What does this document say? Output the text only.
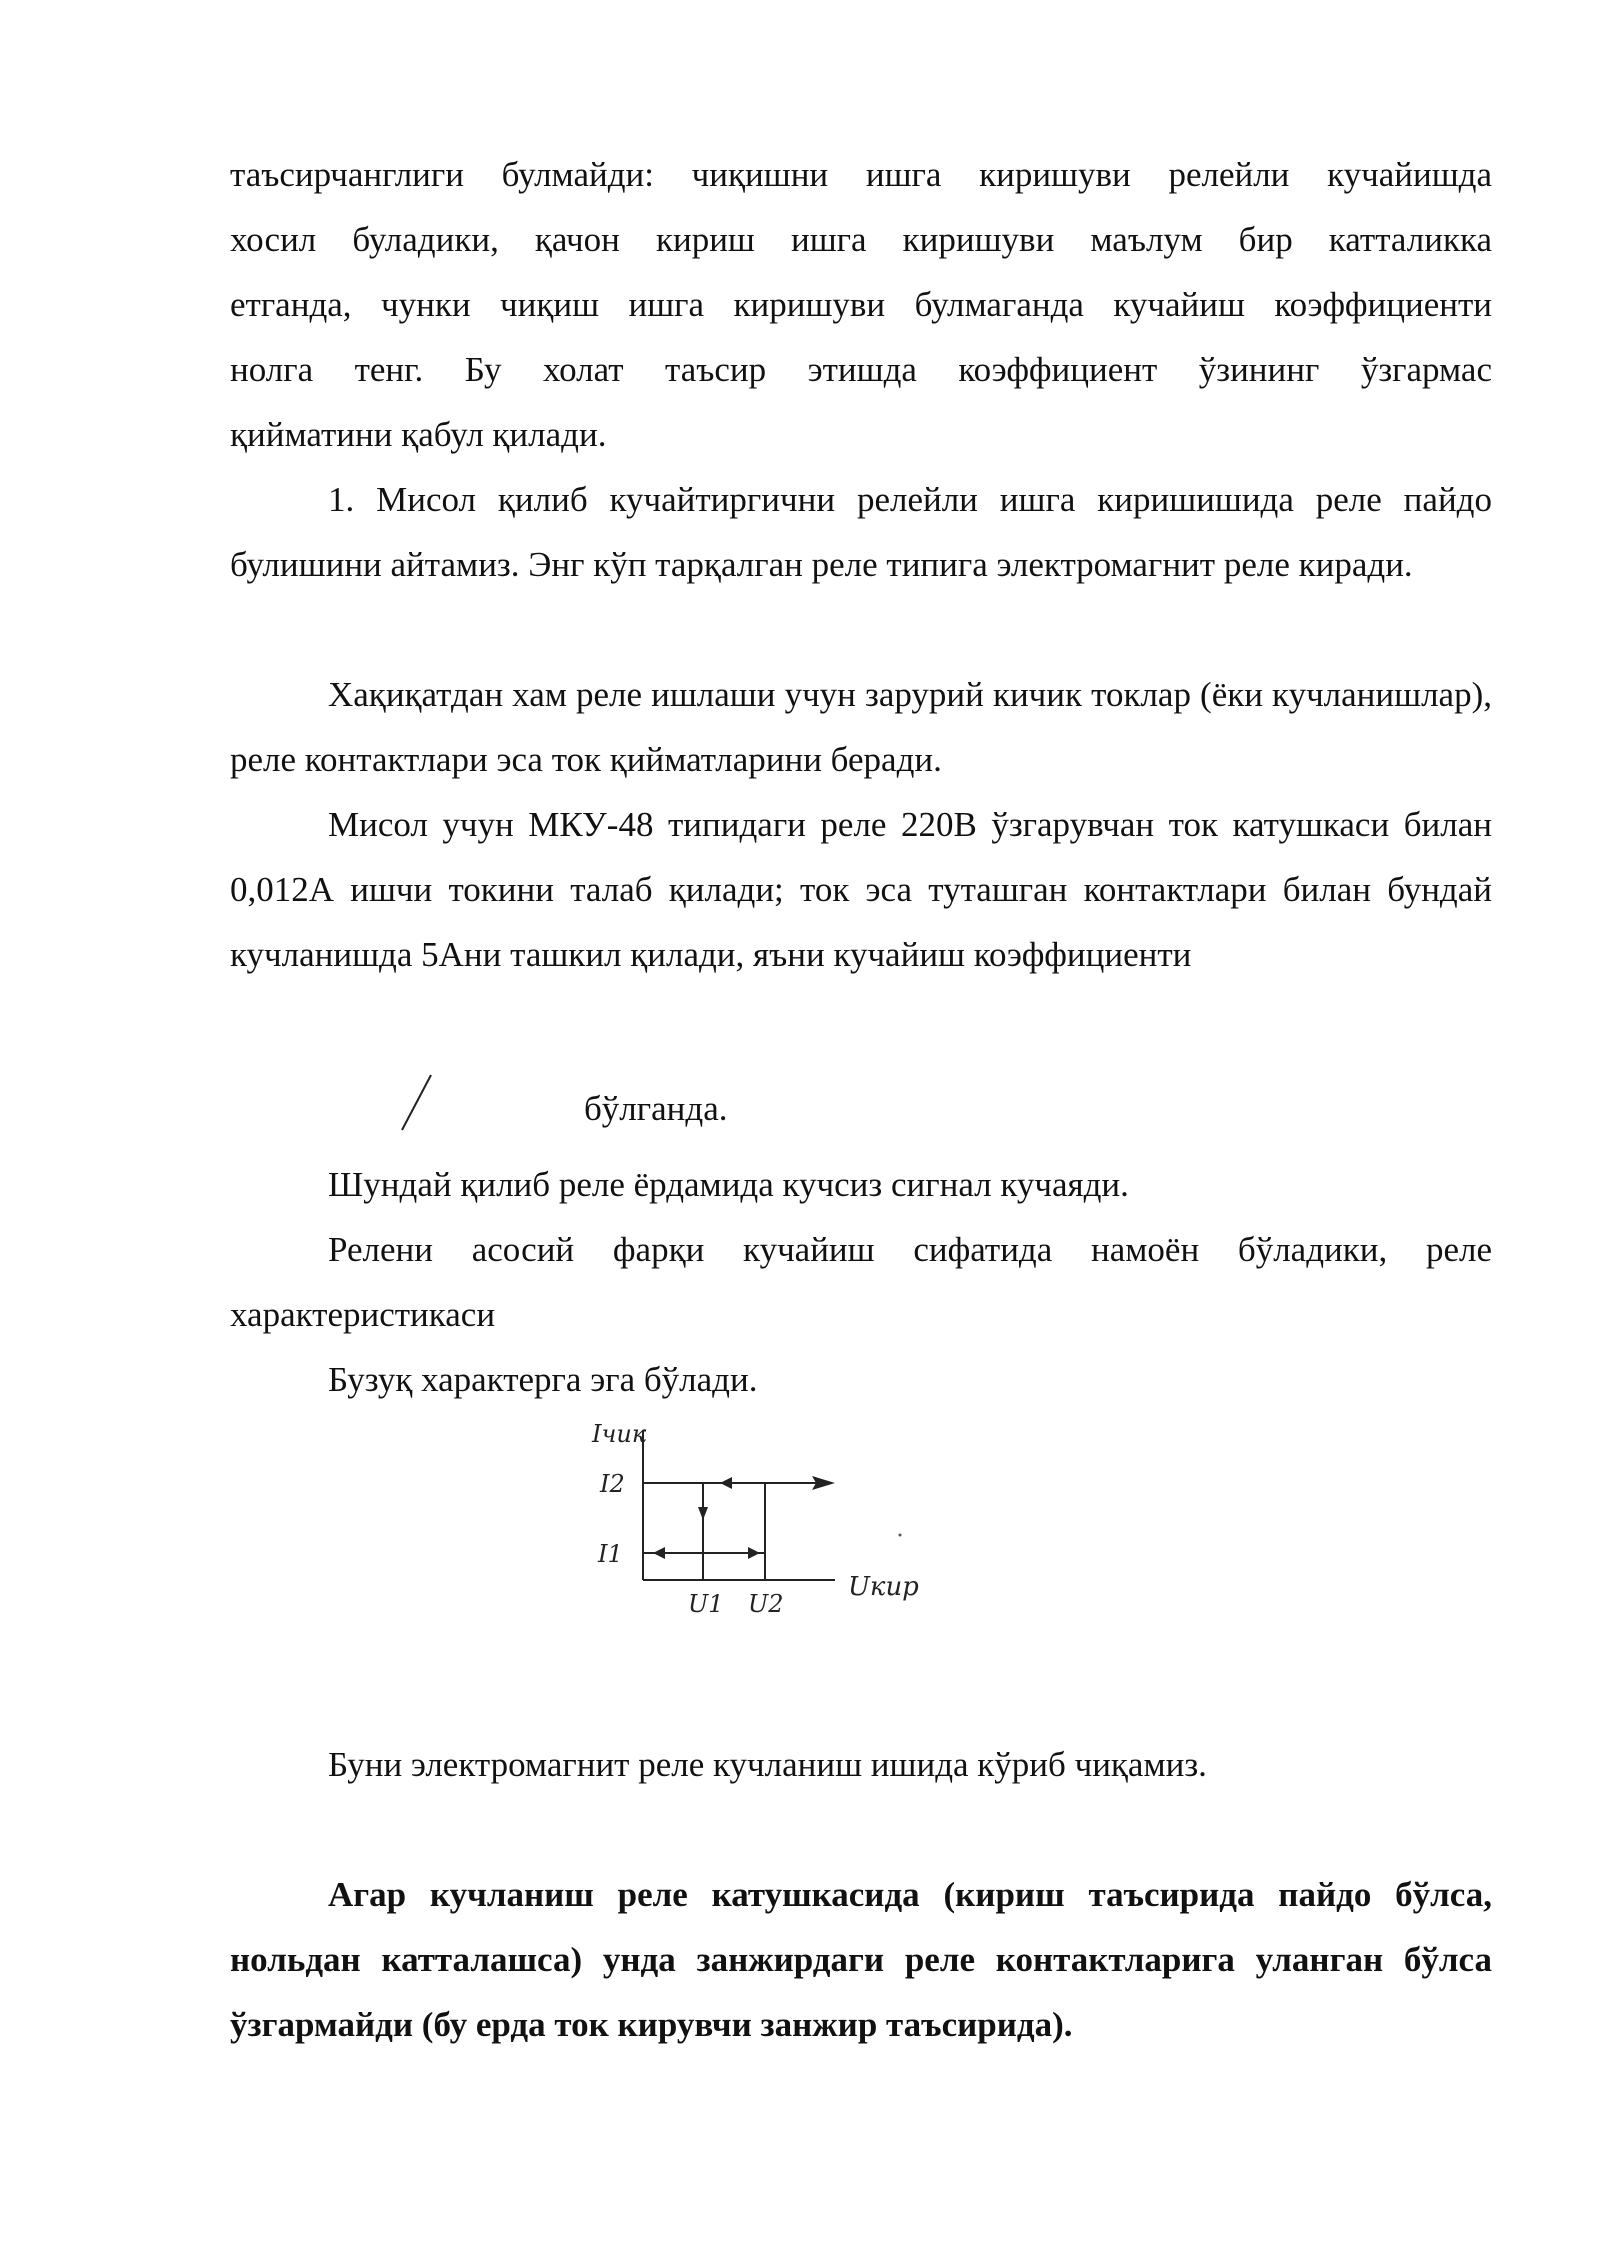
таъсирчанглиги булмайди: чиқишни ишга киришуви релейли кучайишда

хосил буладики, қачон кириш ишга киришуви маълум бир катталикка

етганда, чунки чиқиш ишга киришуви булмаганда кучайиш коэффициенти

нолга тенг. Бу холат таъсир этишда коэффициент ўзининг ўзгармас

қийматини қабул қилади.

1. Мисол қилиб кучайтиргични релейли ишга киришишида реле пайдо булишини айтамиз. Энг кўп тарқалган реле типига электромагнит реле киради.

Хақиқатдан хам реле ишлаши учун зарурий кичик токлар (ёки кучланишлар), реле контактлари эса ток қийматларини беради.

Мисол учун МКУ-48 типидаги реле 220В ўзгарувчан ток катушкаси билан 0,012А ишчи токини талаб қилади; ток эса туташган контактлари билан бундай кучланишда 5Ани ташкил қилади, яъни кучайиш коэффициенти

бўлганда.

Шундай қилиб реле ёрдамида кучсиз сигнал кучаяди.

Релени асосий фарқи кучайиш сифатида намоён бўладики, реле характеристикаси

Бузуқ характерга эга бўлади.

Iчик
I2
I1
U1 U2
Uкир

Буни электромагнит реле кучланиш ишида кўриб чиқамиз.

Агар кучланиш реле катушкасида (кириш таъсирида пайдо бўлса, нольдан катталашса) унда занжирдаги реле контактларига уланган бўлса ўзгармайди (бу ерда ток кирувчи занжир таъсирида).
